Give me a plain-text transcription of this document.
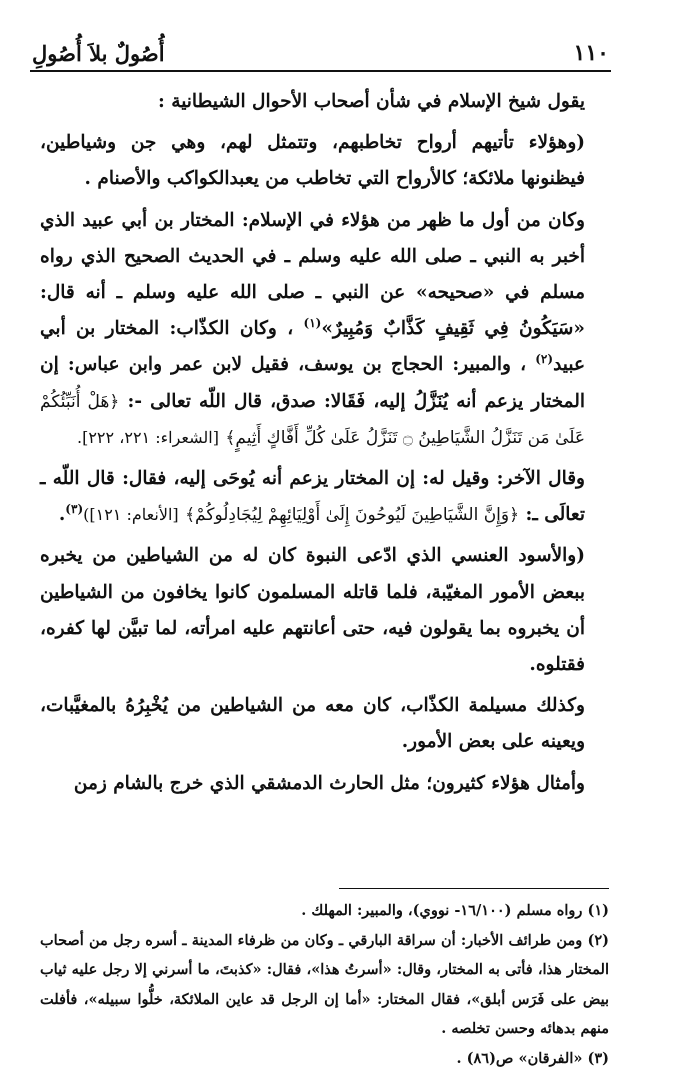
أُصُولٌ بلاَ أُصُولِ	١١٠

يقول شيخ الإسلام في شأن أصحاب الأحوال الشيطانية :

(وهؤلاء تأتيهم أرواح تخاطبهم، وتتمثل لهم، وهي جن وشياطين، فيظنونها ملائكة؛ كالأرواح التي تخاطب من يعبدالكواكب والأصنام .

وكان من أول ما ظهر من هؤلاء في الإسلام: المختار بن أبي عبيد الذي أخبر به النبي ـ صلى الله عليه وسلم ـ في الحديث الصحيح الذي رواه مسلم في «صحيحه» عن النبي ـ صلى الله عليه وسلم ـ أنه قال: «سَيَكُونُ فِي ثَقِيفٍ كَذَّابٌ وَمُبِيرٌ»$^{(١)}$ ، وكان الكذّاب: المختار بن أبي عبيد$^{(٢)}$ ، والمبير: الحجاج بن يوسف، فقيل لابن عمر وابن عباس: إن المختار يزعم أنه يُنَزَّلُ إليه، فَقَالا: صدق، قال اللّه تعالى -: ﴿هَلْ أُنَبِّئُكُمْ عَلَىٰ مَن تَنَزَّلُ الشَّيَاطِينُ ۝ تَنَزَّلُ عَلَىٰ كُلِّ أَفَّاكٍ أَثِيمٍ﴾ [الشعراء: ٢٢١، ٢٢٢].

وقال الآخر: وقيل له: إن المختار يزعم أنه يُوحَى إليه، فقال: قال اللّه ـ تعالَى ـ: ﴿وَإِنَّ الشَّيَاطِينَ لَيُوحُونَ إِلَىٰ أَوْلِيَائِهِمْ لِيُجَادِلُوكُمْ﴾ [الأنعام: ١٢١])$^{(٣)}$.

(والأسود العنسي الذي ادّعى النبوة كان له من الشياطين من يخبره ببعض الأمور المغيّبة، فلما قاتله المسلمون كانوا يخافون من الشياطين أن يخبروه بما يقولون فيه، حتى أعانتهم عليه امرأته، لما تبيَّن لها كفره، فقتلوه.

وكذلك مسيلمة الكذّاب، كان معه من الشياطين من يُخْبِرُهُ بالمغيَّبات، ويعينه على بعض الأمور.

وأمثال هؤلاء كثيرون؛ مثل الحارث الدمشقي الذي خرج بالشام زمن

(١) رواه مسلم (١٦/١٠٠- نووي)، والمبير: المهلك .

(٢) ومن طرائف الأخبار: أن سراقة البارقي ـ وكان من ظرفاء المدينة ـ أسره رجل من أصحاب المختار هذا، فأتى به المختار، وقال: «أسرتُ هذا»، فقال: «كذبتَ، ما أسرني إلا رجل عليه ثياب بيض على فَرَس أبلق»، فقال المختار: «أما إن الرجل قد عاين الملائكة، خلُّوا سبيله»، فأفلت منهم بدهائه وحسن تخلصه .

(٣) «الفرقان» ص(٨٦) .
